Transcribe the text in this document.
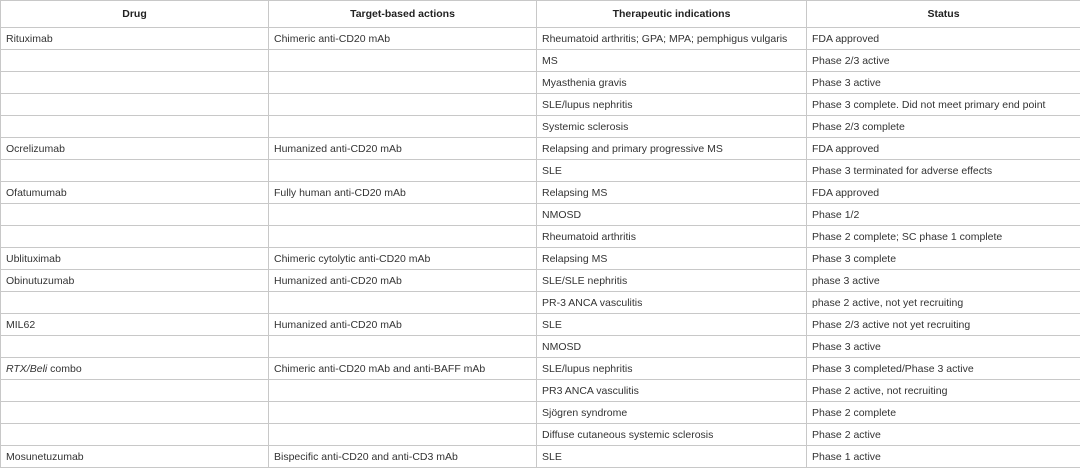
Drug	Target-based actions	Therapeutic indications	Status
Rituximab	Chimeric anti-CD20 mAb	Rheumatoid arthritis; GPA; MPA; pemphigus vulgaris	FDA approved
		MS	Phase 2/3 active
		Myasthenia gravis	Phase 3 active
		SLE/lupus nephritis	Phase 3 complete. Did not meet primary end point
		Systemic sclerosis	Phase 2/3 complete
Ocrelizumab	Humanized anti-CD20 mAb	Relapsing and primary progressive MS	FDA approved
		SLE	Phase 3 terminated for adverse effects
Ofatumumab	Fully human anti-CD20 mAb	Relapsing MS	FDA approved
		NMOSD	Phase 1/2
		Rheumatoid arthritis	Phase 2 complete; SC phase 1 complete
Ublituximab	Chimeric cytolytic anti-CD20 mAb	Relapsing MS	Phase 3 complete
Obinutuzumab	Humanized anti-CD20 mAb	SLE/SLE nephritis	phase 3 active
		PR-3 ANCA vasculitis	phase 2 active, not yet recruiting
MIL62	Humanized anti-CD20 mAb	SLE	Phase 2/3 active not yet recruiting
		NMOSD	Phase 3 active
RTX/Beli combo	Chimeric anti-CD20 mAb and anti-BAFF mAb	SLE/lupus nephritis	Phase 3 completed/Phase 3 active
		PR3 ANCA vasculitis	Phase 2 active, not recruiting
		Sjögren syndrome	Phase 2 complete
		Diffuse cutaneous systemic sclerosis	Phase 2 active
Mosunetuzumab	Bispecific anti-CD20 and anti-CD3 mAb	SLE	Phase 1 active
